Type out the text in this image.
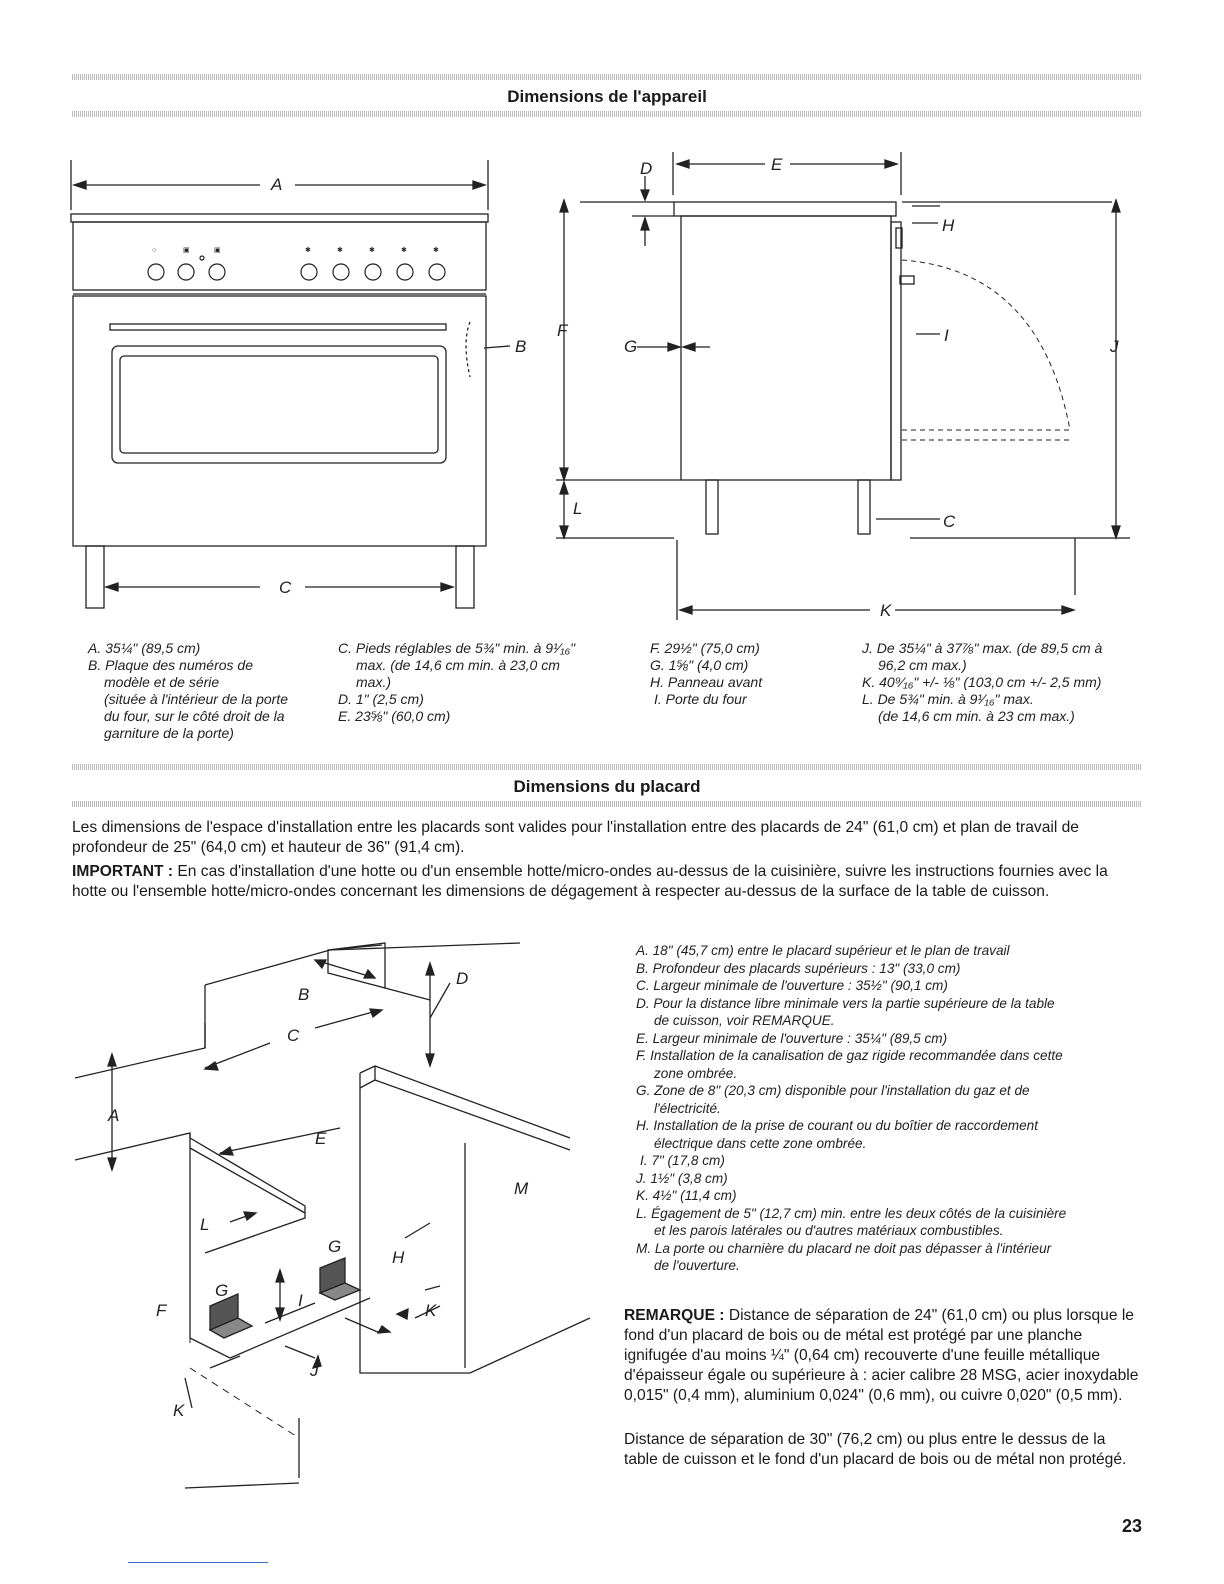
Dimensions de l'appareil
○	▣	▣	✱	✱	✱	✱	✱
A
B
C
D	E
F
G
H
I
J
L
C
K
A. 35¼" (89,5 cm)
B. Plaque des numéros de
modèle et de série
(située à l'intérieur de la porte
du four, sur le côté droit de la
garniture de la porte)
C. Pieds réglables de 5¾" min. à 9¹⁄₁₆"
max. (de 14,6 cm min. à 23,0 cm
max.)
D. 1" (2,5 cm)
E. 23⅝" (60,0 cm)
F. 29½" (75,0 cm)
G. 1⅝" (4,0 cm)
H. Panneau avant
I. Porte du four
J. De 35¼" à 37⅞" max. (de 89,5 cm à
96,2 cm max.)
K. 40⁹⁄₁₆" +/- ⅛" (103,0 cm +/- 2,5 mm)
L. De 5¾" min. à 9¹⁄₁₆" max.
(de 14,6 cm min. à 23 cm max.)
Dimensions du placard
Les dimensions de l'espace d'installation entre les placards sont valides pour l'installation entre des placards de 24" (61,0 cm) et plan de travail de profondeur de 25" (64,0 cm) et hauteur de 36" (91,4 cm).
IMPORTANT : En cas d'installation d'une hotte ou d'un ensemble hotte/micro-ondes au-dessus de la cuisinière, suivre les instructions fournies avec la hotte ou l'ensemble hotte/micro-ondes concernant les dimensions de dégagement à respecter au-dessus de la surface de la table de cuisson.
A
B
C
D
E
F
G
G
H
I
J
K
K
L
M
A. 18" (45,7 cm) entre le placard supérieur et le plan de travail
B. Profondeur des placards supérieurs : 13" (33,0 cm)
C. Largeur minimale de l'ouverture : 35½" (90,1 cm)
D. Pour la distance libre minimale vers la partie supérieure de la table
de cuisson, voir REMARQUE.
E. Largeur minimale de l'ouverture : 35¼" (89,5 cm)
F. Installation de la canalisation de gaz rigide recommandée dans cette
zone ombrée.
G. Zone de 8" (20,3 cm) disponible pour l'installation du gaz et de
l'électricité.
H. Installation de la prise de courant ou du boîtier de raccordement
électrique dans cette zone ombrée.
I. 7" (17,8 cm)
J. 1½" (3,8 cm)
K. 4½" (11,4 cm)
L. Égagement de 5" (12,7 cm) min. entre les deux côtés de la cuisinière
et les parois latérales ou d'autres matériaux combustibles.
M. La porte ou charnière du placard ne doit pas dépasser à l'intérieur
de l'ouverture.
REMARQUE : Distance de séparation de 24" (61,0 cm) ou plus lorsque le fond d'un placard de bois ou de métal est protégé par une planche ignifugée d'au moins ¼" (0,64 cm) recouverte d'une feuille métallique d'épaisseur égale ou supérieure à : acier calibre 28 MSG, acier inoxydable 0,015" (0,4 mm), aluminium 0,024" (0,6 mm), ou cuivre 0,020" (0,5 mm).
Distance de séparation de 30" (76,2 cm) ou plus entre le dessus de la table de cuisson et le fond d'un placard de bois ou de métal non protégé.
23
